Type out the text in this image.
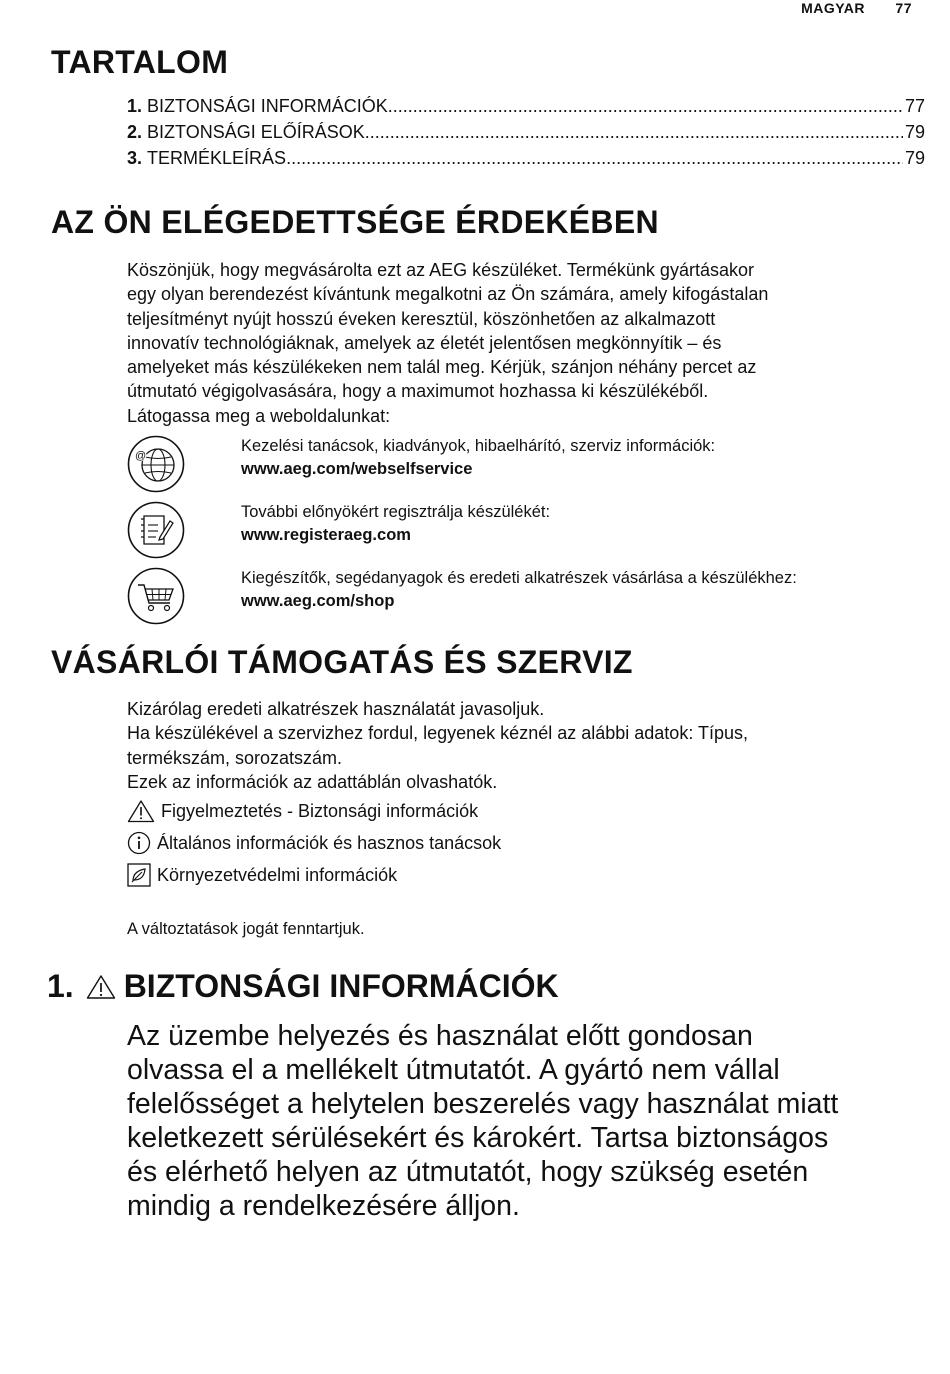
MAGYAR 77
TARTALOM
1. BIZTONSÁGI INFORMÁCIÓK .....	77
2. BIZTONSÁGI ELŐÍRÁSOK .....	79
3. TERMÉKLEÍRÁS .....	79
AZ ÖN ELÉGEDETTSÉGE ÉRDEKÉBEN

Köszönjük, hogy megvásárolta ezt az AEG készüléket. Termékünk gyártásakor
egy olyan berendezést kívántunk megalkotni az Ön számára, amely kifogástalan
teljesítményt nyújt hosszú éveken keresztül, köszönhetően az alkalmazott
innovatív technológiáknak, amelyek az életét jelentősen megkönnyítik – és
amelyeket más készülékeken nem talál meg. Kérjük, szánjon néhány percet az
útmutató végigolvasására, hogy a maximumot hozhassa ki készülékéből.
Látogassa meg a weboldalunkat:

@
Kezelési tanácsok, kiadványok, hibaelhárító, szerviz információk:
www.aeg.com/webselfservice
További előnyökért regisztrálja készülékét:
www.registeraeg.com
Kiegészítők, segédanyagok és eredeti alkatrészek vásárlása a készülékhez:
www.aeg.com/shop
VÁSÁRLÓI TÁMOGATÁS ÉS SZERVIZ

Kizárólag eredeti alkatrészek használatát javasoljuk.
Ha készülékével a szervizhez fordul, legyenek kéznél az alábbi adatok: Típus,
termékszám, sorozatszám.
Ezek az információk az adattáblán olvashatók.

Figyelmeztetés - Biztonsági információk
Általános információk és hasznos tanácsok
Környezetvédelmi információk
A változtatások jogát fenntartjuk.
1. BIZTONSÁGI INFORMÁCIÓK

Az üzembe helyezés és használat előtt gondosan
olvassa el a mellékelt útmutatót. A gyártó nem vállal
felelősséget a helytelen beszerelés vagy használat miatt
keletkezett sérülésekért és károkért. Tartsa biztonságos
és elérhető helyen az útmutatót, hogy szükség esetén
mindig a rendelkezésére álljon.
